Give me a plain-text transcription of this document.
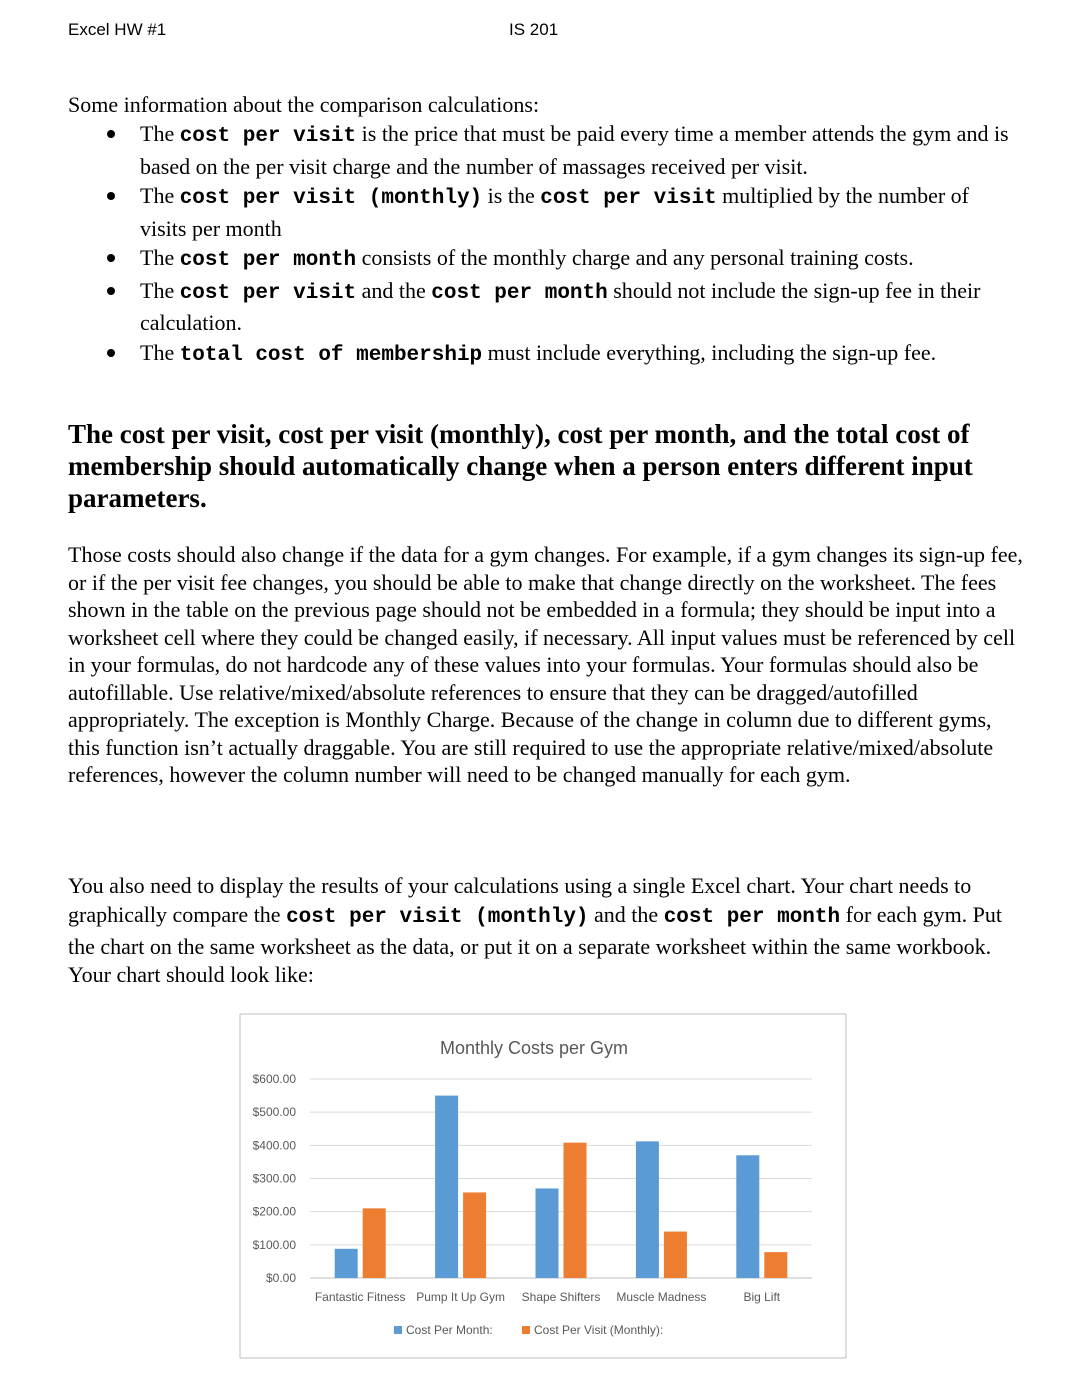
Excel HW #1	IS 201

Some information about the comparison calculations:

The cost per visit is the price that must be paid every time a member attends the gym and is based on the per visit charge and the number of massages received per visit.
The cost per visit (monthly) is the cost per visit multiplied by the number of visits per month
The cost per month consists of the monthly charge and any personal training costs.
The cost per visit and the cost per month should not include the sign-up fee in their calculation.
The total cost of membership must include everything, including the sign-up fee.

The cost per visit, cost per visit (monthly), cost per month, and the total cost of membership should automatically change when a person enters different input parameters.

Those costs should also change if the data for a gym changes. For example, if a gym changes its sign-up fee, or if the per visit fee changes, you should be able to make that change directly on the worksheet. The fees shown in the table on the previous page should not be embedded in a formula; they should be input into a worksheet cell where they could be changed easily, if necessary. All input values must be referenced by cell in your formulas, do not hardcode any of these values into your formulas. Your formulas should also be autofillable. Use relative/mixed/absolute references to ensure that they can be dragged/autofilled appropriately. The exception is Monthly Charge. Because of the change in column due to different gyms, this function isn’t actually draggable. You are still required to use the appropriate relative/mixed/absolute references, however the column number will need to be changed manually for each gym.

You also need to display the results of your calculations using a single Excel chart. Your chart needs to graphically compare the cost per visit (monthly) and the cost per month for each gym. Put the chart on the same worksheet as the data, or put it on a separate worksheet within the same workbook. Your chart should look like:

$0.00
$100.00
$200.00
$300.00
$400.00
$500.00
$600.00
Fantastic Fitness Pump It Up Gym Shape Shifters Muscle Madness	Big Lift
Monthly Costs per Gym
Cost Per Month:	Cost Per Visit (Monthly):
